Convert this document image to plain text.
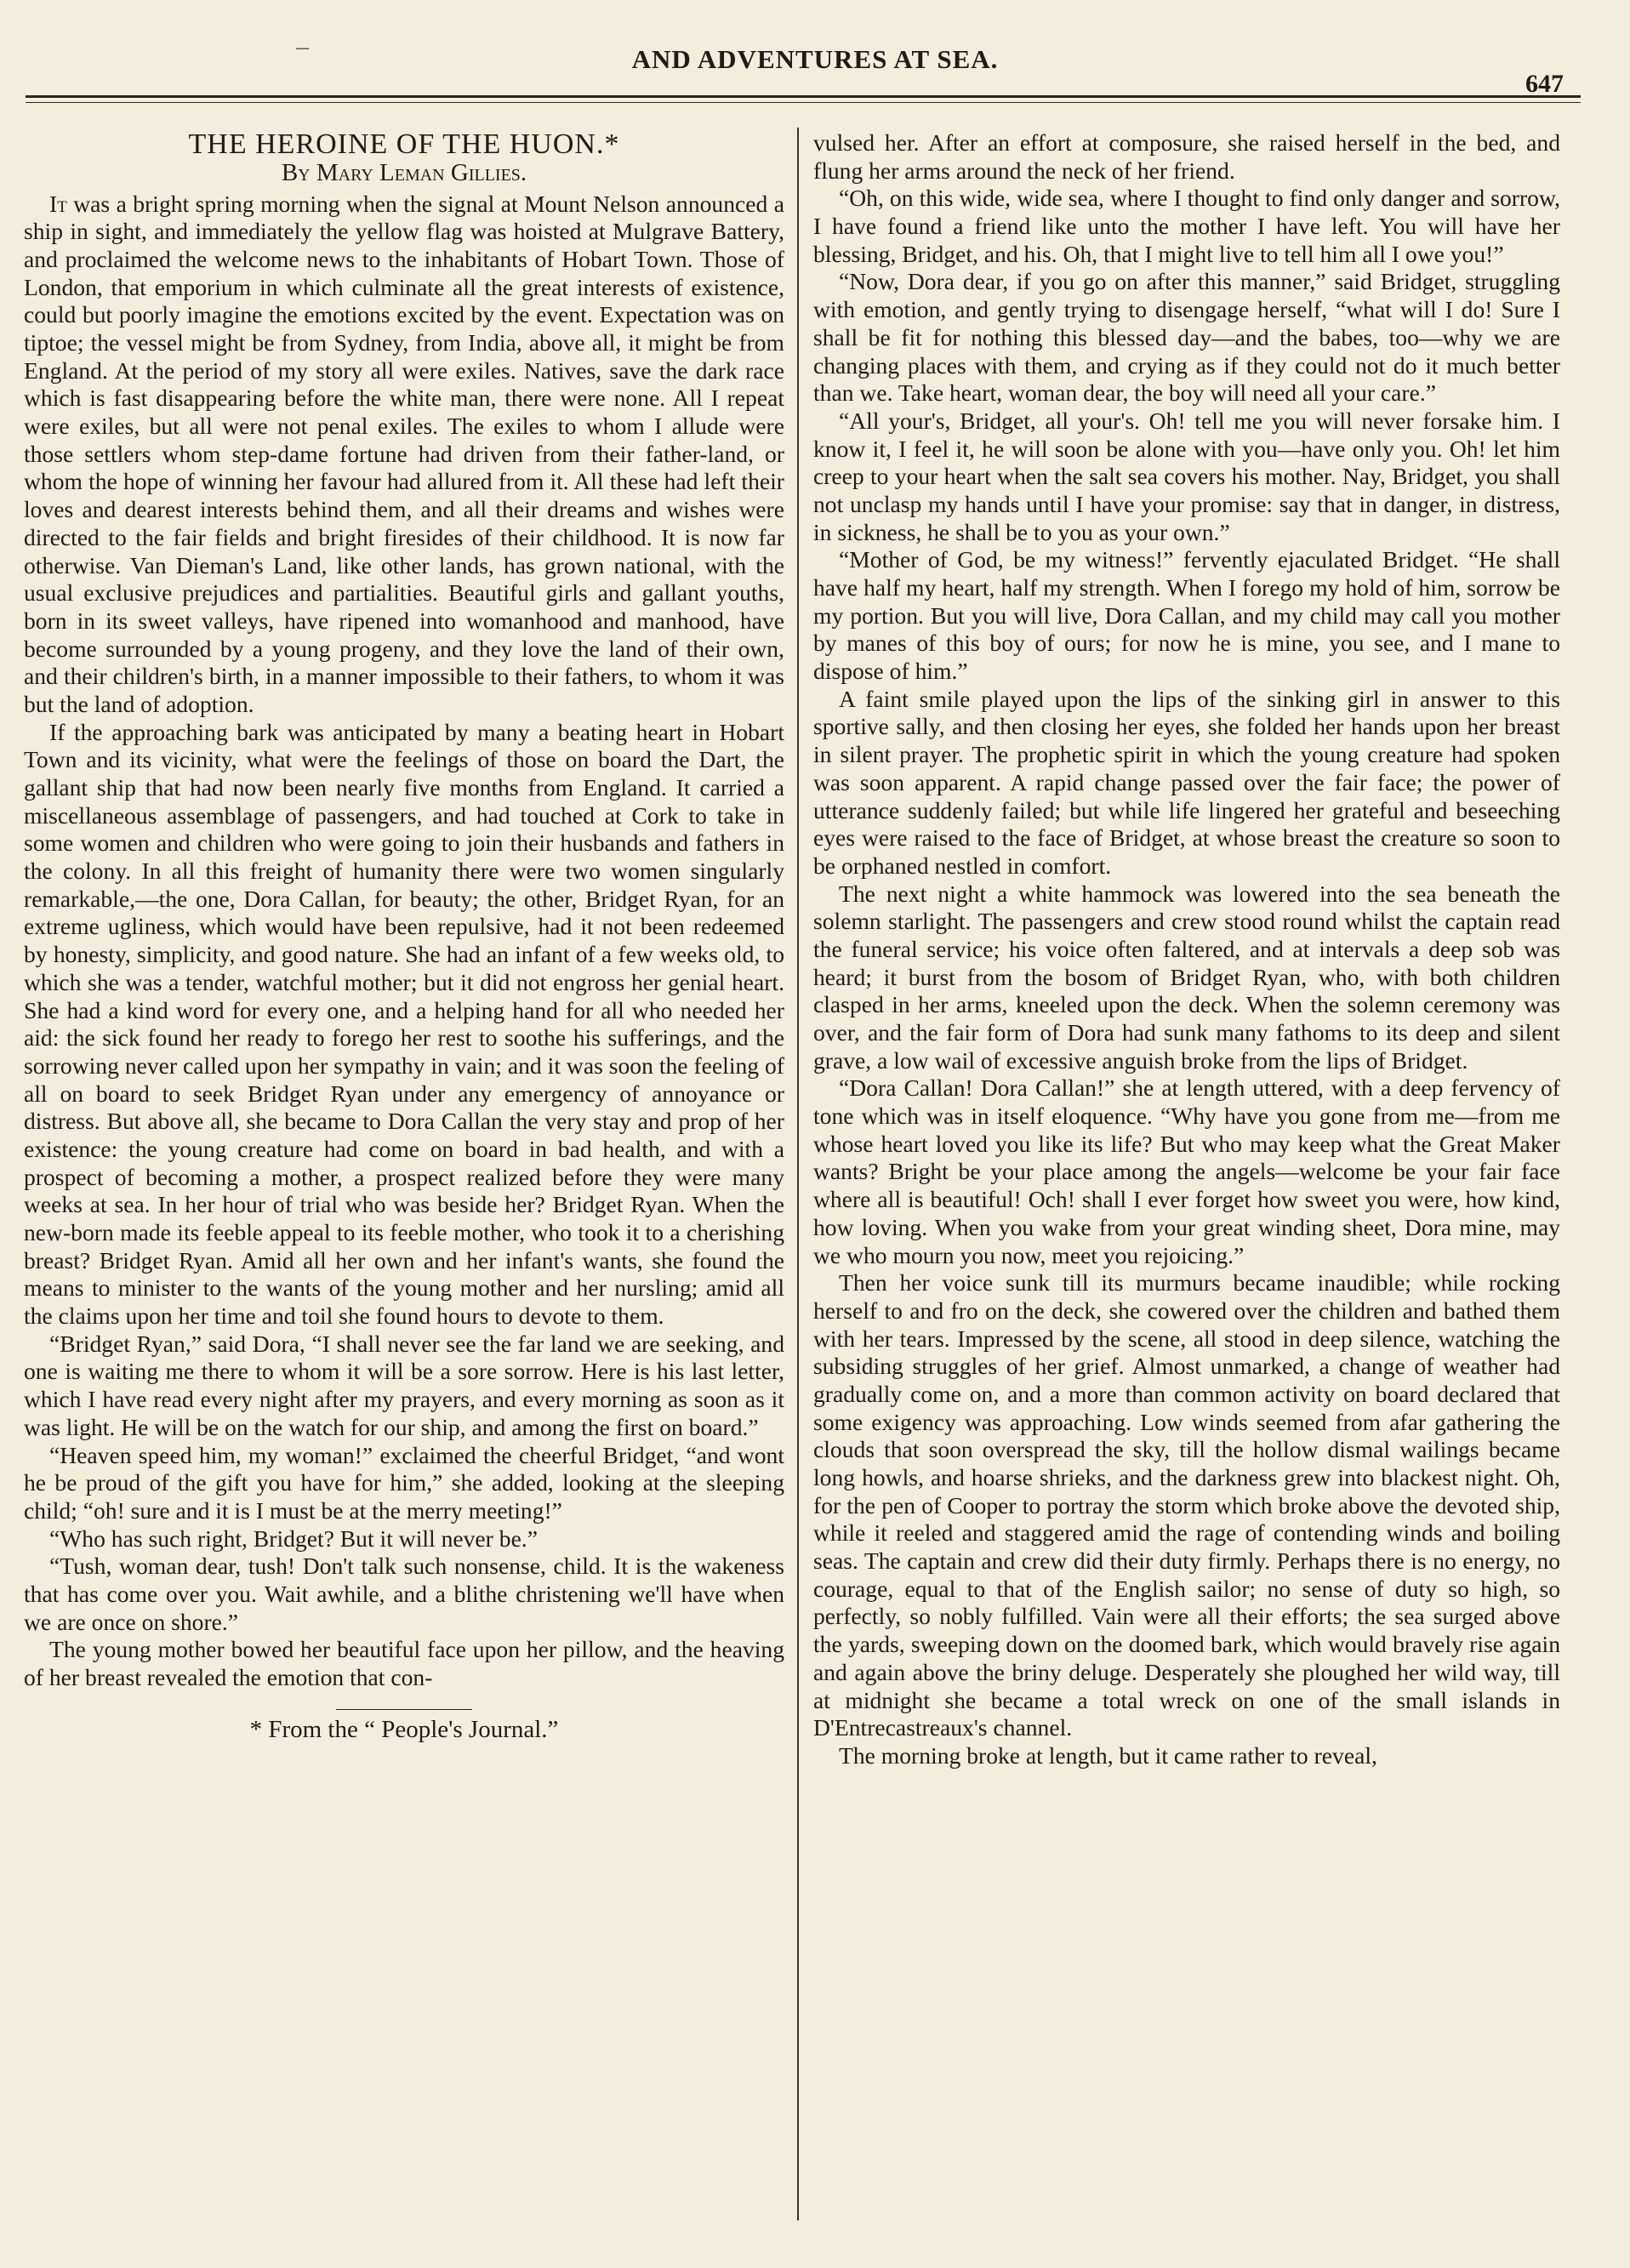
–	AND ADVENTURES AT SEA.
647
THE HEROINE OF THE HUON.*
By Mary Leman Gillies.

It was a bright spring morning when the signal at Mount Nelson announced a ship in sight, and immediately the yellow flag was hoisted at Mulgrave Battery, and proclaimed the welcome news to the inhabitants of Hobart Town. Those of London, that emporium in which culminate all the great interests of existence, could but poorly imagine the emotions excited by the event. Expectation was on tiptoe; the vessel might be from Sydney, from India, above all, it might be from England. At the period of my story all were exiles. Natives, save the dark race which is fast disappearing before the white man, there were none. All I repeat were exiles, but all were not penal exiles. The exiles to whom I allude were those settlers whom step-dame fortune had driven from their father-land, or whom the hope of winning her favour had allured from it. All these had left their loves and dearest interests behind them, and all their dreams and wishes were directed to the fair fields and bright firesides of their childhood. It is now far otherwise. Van Dieman's Land, like other lands, has grown national, with the usual exclusive prejudices and partialities. Beautiful girls and gallant youths, born in its sweet valleys, have ripened into womanhood and manhood, have become surrounded by a young progeny, and they love the land of their own, and their children's birth, in a manner impossible to their fathers, to whom it was but the land of adoption.

If the approaching bark was anticipated by many a beating heart in Hobart Town and its vicinity, what were the feelings of those on board the Dart, the gallant ship that had now been nearly five months from England. It carried a miscellaneous assemblage of passengers, and had touched at Cork to take in some women and children who were going to join their husbands and fathers in the colony. In all this freight of humanity there were two women singularly remarkable,—the one, Dora Callan, for beauty; the other, Bridget Ryan, for an extreme ugliness, which would have been repulsive, had it not been redeemed by honesty, simplicity, and good nature. She had an infant of a few weeks old, to which she was a tender, watchful mother; but it did not engross her genial heart. She had a kind word for every one, and a helping hand for all who needed her aid: the sick found her ready to forego her rest to soothe his sufferings, and the sorrowing never called upon her sympathy in vain; and it was soon the feeling of all on board to seek Bridget Ryan under any emergency of annoyance or distress. But above all, she became to Dora Callan the very stay and prop of her existence: the young creature had come on board in bad health, and with a prospect of becoming a mother, a prospect realized before they were many weeks at sea. In her hour of trial who was beside her? Bridget Ryan. When the new-born made its feeble appeal to its feeble mother, who took it to a cherishing breast? Bridget Ryan. Amid all her own and her infant's wants, she found the means to minister to the wants of the young mother and her nursling; amid all the claims upon her time and toil she found hours to devote to them.

“Bridget Ryan,” said Dora, “I shall never see the far land we are seeking, and one is waiting me there to whom it will be a sore sorrow. Here is his last letter, which I have read every night after my prayers, and every morning as soon as it was light. He will be on the watch for our ship, and among the first on board.”

“Heaven speed him, my woman!” exclaimed the cheerful Bridget, “and wont he be proud of the gift you have for him,” she added, looking at the sleeping child; “oh! sure and it is I must be at the merry meeting!”

“Who has such right, Bridget? But it will never be.”

“Tush, woman dear, tush! Don't talk such nonsense, child. It is the wakeness that has come over you. Wait awhile, and a blithe christening we'll have when we are once on shore.”

The young mother bowed her beautiful face upon her pillow, and the heaving of her breast revealed the emotion that con-

* From the “ People's Journal.”

vulsed her. After an effort at composure, she raised herself in the bed, and flung her arms around the neck of her friend.

“Oh, on this wide, wide sea, where I thought to find only danger and sorrow, I have found a friend like unto the mother I have left. You will have her blessing, Bridget, and his. Oh, that I might live to tell him all I owe you!”

“Now, Dora dear, if you go on after this manner,” said Bridget, struggling with emotion, and gently trying to disengage herself, “what will I do! Sure I shall be fit for nothing this blessed day—and the babes, too—why we are changing places with them, and crying as if they could not do it much better than we. Take heart, woman dear, the boy will need all your care.”

“All your's, Bridget, all your's. Oh! tell me you will never forsake him. I know it, I feel it, he will soon be alone with you—have only you. Oh! let him creep to your heart when the salt sea covers his mother. Nay, Bridget, you shall not unclasp my hands until I have your promise: say that in danger, in distress, in sickness, he shall be to you as your own.”

“Mother of God, be my witness!” fervently ejaculated Bridget. “He shall have half my heart, half my strength. When I forego my hold of him, sorrow be my portion. But you will live, Dora Callan, and my child may call you mother by manes of this boy of ours; for now he is mine, you see, and I mane to dispose of him.”

A faint smile played upon the lips of the sinking girl in answer to this sportive sally, and then closing her eyes, she folded her hands upon her breast in silent prayer. The prophetic spirit in which the young creature had spoken was soon apparent. A rapid change passed over the fair face; the power of utterance suddenly failed; but while life lingered her grateful and beseeching eyes were raised to the face of Bridget, at whose breast the creature so soon to be orphaned nestled in comfort.

The next night a white hammock was lowered into the sea beneath the solemn starlight. The passengers and crew stood round whilst the captain read the funeral service; his voice often faltered, and at intervals a deep sob was heard; it burst from the bosom of Bridget Ryan, who, with both children clasped in her arms, kneeled upon the deck. When the solemn ceremony was over, and the fair form of Dora had sunk many fathoms to its deep and silent grave, a low wail of excessive anguish broke from the lips of Bridget.

“Dora Callan! Dora Callan!” she at length uttered, with a deep fervency of tone which was in itself eloquence. “Why have you gone from me—from me whose heart loved you like its life? But who may keep what the Great Maker wants? Bright be your place among the angels—welcome be your fair face where all is beautiful! Och! shall I ever forget how sweet you were, how kind, how loving. When you wake from your great winding sheet, Dora mine, may we who mourn you now, meet you rejoicing.”

Then her voice sunk till its murmurs became inaudible; while rocking herself to and fro on the deck, she cowered over the children and bathed them with her tears. Impressed by the scene, all stood in deep silence, watching the subsiding struggles of her grief. Almost unmarked, a change of weather had gradually come on, and a more than common activity on board declared that some exigency was approaching. Low winds seemed from afar gathering the clouds that soon overspread the sky, till the hollow dismal wailings became long howls, and hoarse shrieks, and the darkness grew into blackest night. Oh, for the pen of Cooper to portray the storm which broke above the devoted ship, while it reeled and staggered amid the rage of contending winds and boiling seas. The captain and crew did their duty firmly. Perhaps there is no energy, no courage, equal to that of the English sailor; no sense of duty so high, so perfectly, so nobly fulfilled. Vain were all their efforts; the sea surged above the yards, sweeping down on the doomed bark, which would bravely rise again and again above the briny deluge. Desperately she ploughed her wild way, till at midnight she became a total wreck on one of the small islands in D'Entrecastreaux's channel.

The morning broke at length, but it came rather to reveal,
